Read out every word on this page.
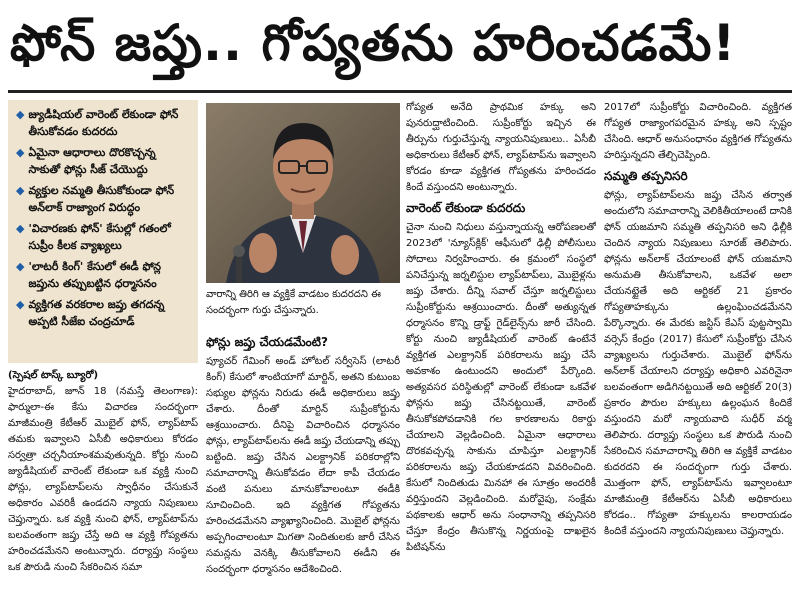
ఫోన్ జప్తు.. గోప్యతను హరించడమే!
◆ జ్యుడీషియల్ వారెంట్ లేకుండా ఫోన్ తీసుకోవడం కుదరదు
◆ ఏమైనా ఆధారాలు దొరకొచ్చన్న సాకుతో ఫోన్లు సీజ్ చేయొద్దు
◆ వ్యక్తుల నమ్మతి తీసుకోకుండా ఫోన్ అన్‌లాక్ రాజ్యాంగ విరుద్ధం
◆ 'విచారణకు ఫోన్' కేసుల్లో గతంలో సుప్రీం కీలక వ్యాఖ్యలు
◆ 'లాటరీ కింగ్' కేసులో ఈడీ ఫోన్ల జప్తును తప్పుబట్టిన ధర్మాసనం
◆ వ్యక్తిగత వరకరాల జప్తు తగదన్న అప్పటి సీజేఐ చంద్రచూడ్
వారాన్ని తిరిగి ఆ వ్యక్తికే వాడటం కుదరదని ఈ సందర్భంగా గుర్తు చేస్తున్నారు.
(స్పెషల్ టాస్క్ బ్యూరో)
హైదరాబాద్, జూన్ 18 (నమస్తే తెలంగాణ): ఫార్ములా-ఈ కేసు విచారణ సందర్భంగా మాజీమంత్రి కేటీఆర్ మొబైల్ ఫోన్, ల్యాప్‌టాప్ తమకు ఇవ్వాలని ఏసీబీ అధికారులు కోరడం సర్వత్రా చర్చనీయాంశమవుతున్నది. కోర్టు నుంచి జ్యుడీషియల్ వారెంట్ లేకుండా ఒక వ్యక్తి నుంచి ఫోన్లు, ల్యాప్‌టాప్‌లను స్వాధీనం చేసుకునే అధికారం ఎవరికీ ఉండదని న్యాయ నిపుణులు చెప్తున్నారు. ఒక వ్యక్తి నుంచి ఫోన్, ల్యాప్‌టాప్‌ను బలవంతంగా జప్తు చేస్తే అది ఆ వ్యక్తి గోప్యతను హరించడమేనని అంటున్నారు. దర్యాప్తు సంస్థలు ఒక పౌరుడి నుంచి సేకరించిన సమా
ఫోన్లు జప్తు చేయడమేంటి?
ప్యూచర్ గేమింగ్ అండ్ హోటల్ సర్వీసెస్ (లాటరీ కింగ్) కేసులో శాంటియాగో మార్టిన్, అతని కుటుంబ సభ్యుల ఫోన్లను నిరుడు ఈడీ అధికారులు జప్తు చేశారు. దీంతో మార్టిన్ సుప్రీంకోర్టును ఆశ్రయించారు. దీనిపై విచారించిన ధర్మాసనం ఫోన్లు, ల్యాప్‌టాప్‌లను ఈడీ జప్తు చేయడాన్ని తప్పు బట్టింది. జప్తు చేసిన ఎలక్ట్రానిక్ పరికరాల్లోని సమాచారాన్ని తీసుకోవడం లేదా కాపీ చేయడం వంటి పనులు మానుకోవాలంటూ ఈడీకి సూచించింది. ఇది వ్యక్తిగత గోప్యతను హరించడమేనని వ్యాఖ్యానించింది. మొబైల్ ఫోన్లను అప్పగించాలంటూ మిగతా నిందితులకు జారీ చేసిన సమన్లను వెనక్కి తీసుకోవాలని ఈడీని ఈ సందర్భంగా ధర్మాసనం ఆదేశించింది.
గోప్యత అనేది ప్రాథమిక హక్కు అని పునరుద్ఘాటించింది. సుప్రీంకోర్టు ఇచ్చిన ఈ తీర్పును గుర్తుచేస్తున్న న్యాయనిపుణులు.. ఏసీబీ అధికారులు కేటీఆర్ ఫోన్, ల్యాప్‌టాప్‌ను ఇవ్వాలని కోరడం కూడా వ్యక్తిగత గోప్యతను హరించడం కిందే వస్తుందని అంటున్నారు.
వారెంట్ లేకుండా కుదరదు
చైనా నుంచి నిధులు వస్తున్నాయన్న ఆరోపణలతో 2023లో 'న్యూస్‌క్లిక్' ఆఫీసులో ఢిల్లీ పోలీసులు సోదాలు నిర్వహించారు. ఈ క్రమంలో సంస్థలో పనిచేస్తున్న జర్నలిస్టుల ల్యాప్‌టాప్‌లు, మొబైళ్లను జప్తు చేశారు. దీన్ని సవాల్ చేస్తూ జర్నలిస్టులు సుప్రీంకోర్టును ఆశ్రయించారు. దీంతో అత్యున్నత ధర్మాసనం కొన్ని డ్రాఫ్ట్ గైడ్‌లైన్స్‌ను జారీ చేసింది. కోర్టు నుంచి జ్యుడీషియల్ వారెంట్ ఉంటేనే వ్యక్తిగత ఎలక్ట్రానిక్ పరికరాలను జప్తు చేసే అవకాశం ఉంటుందని అందులో పేర్కొంది. అత్యవసర పరిస్థితుల్లో వారెంట్ లేకుండా ఒకవేళ ఫోన్లను జప్తు చేసినట్టయితే, వారెంట్ తీసుకోకపోవడానికి గల కారణాలను రికార్డు చేయాలని వెల్లడించింది. ఏమైనా ఆధారాలు దొరకవచ్చన్న సాకును చూపిస్తూ ఎలక్ట్రానిక్ పరికరాలను జప్తు చేయకూడదని వివరించింది. కేసులో నిందితుడు మినహా ఈ సూత్రం అందరికీ వర్తిస్తుందని వెల్లడించింది. మరోవైపు, సంక్షేమ పథకాలకు ఆధార్ అను సంధానాన్ని తప్పనిసరి చేస్తూ కేంద్రం తీసుకొన్న నిర్ణయంపై దాఖలైన పిటిషన్‌ను
2017లో సుప్రీంకోర్టు విచారించింది. వ్యక్తిగత గోప్యత రాజ్యాంగపరమైన హక్కు అని స్పష్టం చేసింది. ఆధార్ అనుసంధానం వ్యక్తిగత గోప్యతను హరిస్తున్నదని తేల్చిచెప్పింది.
సమ్మతి తప్పనిసరి
ఫోన్లు, ల్యాప్‌టాప్‌లను జప్తు చేసిన తర్వాత అందులోని సమాచారాన్ని వెలికితీయాలంటే దానికి ఫోన్ యజమాని సమ్మతి తప్పనిసరి అని ఢిల్లీకి చెందిన న్యాయ నిపుణులు సూరజ్ తెలిపారు. ఫోన్లను అన్‌లాక్ చేయాలంటే ఫోన్ యజమాని అనుమతి తీసుకోవాలని, ఒకవేళ అలా చేయనట్టైతే అది ఆర్టికల్ 21 ప్రకారం గోప్యతాహక్కును ఉల్లంఘించడమేనని పేర్కొన్నారు. ఈ మేరకు జస్టిస్ కేఎస్ పుట్టస్వామి వర్సెస్ కేంద్రం (2017) కేసులో సుప్రీంకోర్టు చేసిన వ్యాఖ్యలను గుర్తుచేశారు. మొబైల్ ఫోన్‌ను అన్‌లాక్ చేయాలని దర్యాప్తు అధికారి ఎవరినైనా బలవంతంగా అడిగినట్టయితే అది ఆర్టికల్ 20(3) ప్రకారం పౌరుల హక్కులు ఉల్లంఘన కిందికే వస్తుందని మరో న్యాయవాది సుధీర్ వర్మ తెలిపారు. దర్యాప్తు సంస్థలు ఒక పౌరుడి నుంచి సేకరించిన సమాచారాన్ని తిరిగి ఆ వ్యక్తికే వాడటం కుదరదని ఈ సందర్భంగా గుర్తు చేశారు. మొత్తంగా ఫోన్, ల్యాప్‌టాప్‌ను ఇవ్వాలంటూ మాజీమంత్రి కేటీఆర్‌ను ఏసీబీ అధికారులు కోరడం.. గోప్యతా హక్కులను కాలరాయడం కిందికే వస్తుందని న్యాయనిపుణులు చెప్తున్నారు.
